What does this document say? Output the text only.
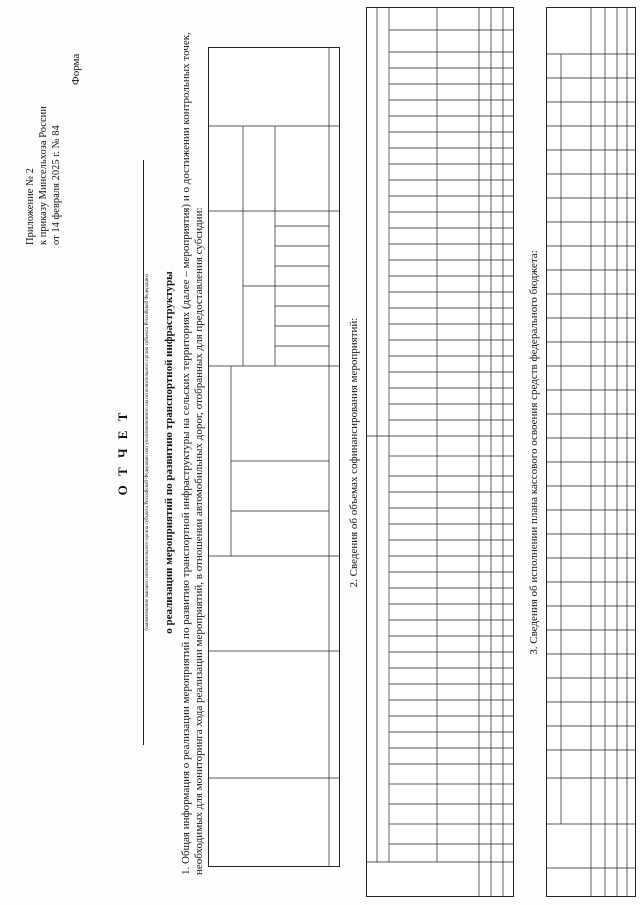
Приложение № 2 к приказу Минсельхоза России от 14 февраля 2025 г. № 84
Форма
О Т Ч Е Т	(наименование высшего исполнительного органа субъекта Российской Федерации или уполномоченного им исполнительного органа субъекта Российской Федерации) о реализации мероприятий по развитию транспортной инфраструктуры 1. Общая информация о реализации мероприятий по развитию транспортной инфраструктуры на сельских территориях (далее – мероприятия) и о достижении контрольных точек, необходимых для мониторинга хода реализации мероприятий, в отношении автомобильных дорог, отобранных для предоставления субсидии:	2. Сведения об объемах софинансирования мероприятий:	3. Сведения об исполнении плана кассового освоения средств федерального бюджета:
